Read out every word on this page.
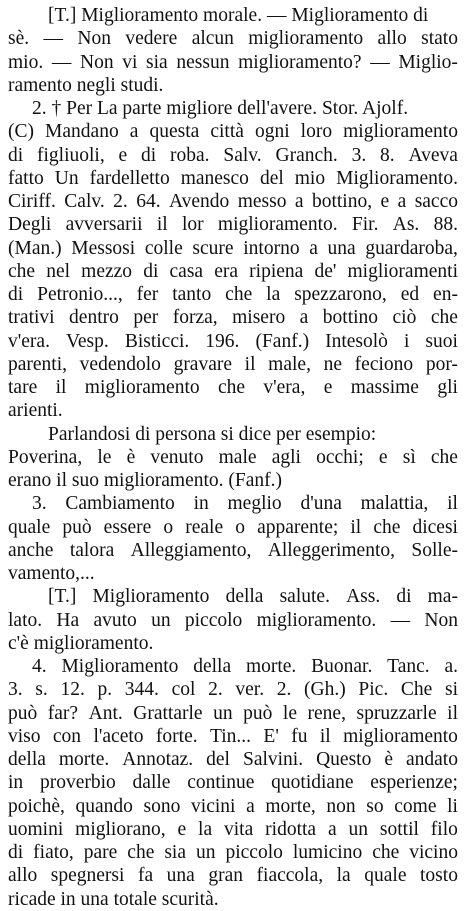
[T.] Miglioramento morale. — Miglioramento di
sè. — Non vedere alcun miglioramento allo stato
mio. — Non vi sia nessun miglioramento? — Miglio-
ramento negli studi.
2. † Per La parte migliore dell'avere. Stor. Ajolf.
(C) Mandano a questa città ogni loro miglioramento
di figliuoli, e di roba. Salv. Granch. 3. 8. Aveva
fatto Un fardelletto manesco del mio Miglioramento.
Ciriff. Calv. 2. 64. Avendo messo a bottino, e a sacco
Degli avversarii il lor miglioramento. Fir. As. 88.
(Man.) Messosi colle scure intorno a una guardaroba,
che nel mezzo di casa era ripiena de' miglioramenti
di Petronio..., fer tanto che la spezzarono, ed en-
trativi dentro per forza, misero a bottino ciò che
v'era. Vesp. Bisticci. 196. (Fanf.) Intesolò i suoi
parenti, vedendolo gravare il male, ne feciono por-
tare il miglioramento che v'era, e massime gli
arienti.
Parlandosi di persona si dice per esempio:
Poverina, le è venuto male agli occhi; e sì che
erano il suo miglioramento. (Fanf.)
3. Cambiamento in meglio d'una malattia, il
quale può essere o reale o apparente; il che dicesi
anche talora Alleggiamento, Alleggerimento, Solle-
vamento,...
[T.] Miglioramento della salute. Ass. di ma-
lato. Ha avuto un piccolo miglioramento. — Non
c'è miglioramento.
4. Miglioramento della morte. Buonar. Tanc. a.
3. s. 12. p. 344. col 2. ver. 2. (Gh.) Pic. Che si
può far? Ant. Grattarle un può le rene, spruzzarle il
viso con l'aceto forte. Tin... E' fu il miglioramento
della morte. Annotaz. del Salvini. Questo è andato
in proverbio dalle continue quotidiane esperienze;
poichè, quando sono vicini a morte, non so come li
uomini migliorano, e la vita ridotta a un sottil filo
di fiato, pare che sia un piccolo lumicino che vicino
allo spegnersi fa una gran fiaccola, la quale tosto
ricade in una totale scurità.
